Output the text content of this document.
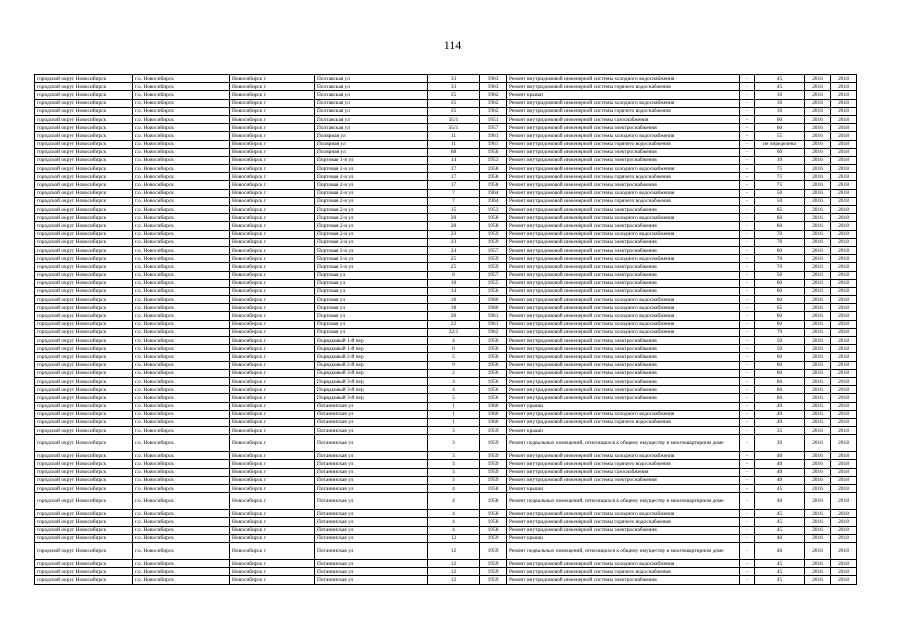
114
городской округ Новосибирск	г.о. Новосибирск	Новосибирск г	Полтавская ул	33	1963	Ремонт внутридомовой инженерной системы холодного водоснабжения	-	45	2016	2018
городской округ Новосибирск	г.о. Новосибирск	Новосибирск г	Полтавская ул	33	1963	Ремонт внутридомовой инженерной системы горячего водоснабжения	-	45	2016	2018
городской округ Новосибирск	г.о. Новосибирск	Новосибирск г	Полтавская ул	35	1962	Ремонт крыши	-	10	2016	2018
городской округ Новосибирск	г.о. Новосибирск	Новосибирск г	Полтавская ул	35	1962	Ремонт внутридомовой инженерной системы холодного водоснабжения	-	10	2016	2018
городской округ Новосибирск	г.о. Новосибирск	Новосибирск г	Полтавская ул	35	1962	Ремонт внутридомовой инженерной системы горячего водоснабжения	-	10	2016	2018
городской округ Новосибирск	г.о. Новосибирск	Новосибирск г	Полтавская ул	35/1	1951	Ремонт внутридомовой инженерной системы газоснабжения	-	60	2016	2018
городской округ Новосибирск	г.о. Новосибирск	Новосибирск г	Полтавская ул	35/1	1957	Ремонт внутридомовой инженерной системы электроснабжения	-	60	2016	2018
городской округ Новосибирск	г.о. Новосибирск	Новосибирск г	Полярная ул	11	1961	Ремонт внутридомовой инженерной системы холодного водоснабжения	-	55	2016	2018
городской округ Новосибирск	г.о. Новосибирск	Новосибирск г	Полярная ул	11	1961	Ремонт внутридомовой инженерной системы горячего водоснабжения	-	не определена	2016	2018
городской округ Новосибирск	г.о. Новосибирск	Новосибирск г	Полярная ул	68	1956	Ремонт внутридомовой инженерной системы электроснабжения	-	60	2016	2018
городской округ Новосибирск	г.о. Новосибирск	Новосибирск г	Портовая 1-я ул	14	1953	Ремонт внутридомовой инженерной системы электроснабжения	-	10	2016	2018
городской округ Новосибирск	г.о. Новосибирск	Новосибирск г	Портовая 2-я ул	17	1958	Ремонт внутридомовой инженерной системы холодного водоснабжения	-	75	2016	2018
городской округ Новосибирск	г.о. Новосибирск	Новосибирск г	Портовая 2-я ул	17	1958	Ремонт внутридомовой инженерной системы горячего водоснабжения	-	75	2016	2018
городской округ Новосибирск	г.о. Новосибирск	Новосибирск г	Портовая 2-я ул	17	1958	Ремонт внутридомовой инженерной системы электроснабжения	-	75	2016	2018
городской округ Новосибирск	г.о. Новосибирск	Новосибирск г	Портовая 2-я ул	7	1964	Ремонт внутридомовой инженерной системы холодного водоснабжения	-	50	2016	2018
городской округ Новосибирск	г.о. Новосибирск	Новосибирск г	Портовая 2-я ул	7	1964	Ремонт внутридомовой инженерной системы горячего водоснабжения	-	50	2016	2018
городской округ Новосибирск	г.о. Новосибирск	Новосибирск г	Портовая 2-я ул	15	1953	Ремонт внутридомовой инженерной системы электроснабжения	-	65	2016	2018
городской округ Новосибирск	г.о. Новосибирск	Новосибирск г	Портовая 2-я ул	20	1958	Ремонт внутридомовой инженерной системы холодного водоснабжения	-	60	2016	2018
городской округ Новосибирск	г.о. Новосибирск	Новосибирск г	Портовая 2-я ул	20	1958	Ремонт внутридомовой инженерной системы электроснабжения	-	60	2016	2018
городской округ Новосибирск	г.о. Новосибирск	Новосибирск г	Портовая 2-я ул	23	1959	Ремонт внутридомовой инженерной системы холодного водоснабжения	-	70	2016	2018
городской округ Новосибирск	г.о. Новосибирск	Новосибирск г	Портовая 2-я ул	23	1959	Ремонт внутридомовой инженерной системы электроснабжения	-	70	2016	2018
городской округ Новосибирск	г.о. Новосибирск	Новосибирск г	Портовая 2-я ул	24	1957	Ремонт внутридомовой инженерной системы электроснабжения	-	60	2016	2018
городской округ Новосибирск	г.о. Новосибирск	Новосибирск г	Портовая 2-я ул	25	1959	Ремонт внутридомовой инженерной системы холодного водоснабжения	-	70	2016	2018
городской округ Новосибирск	г.о. Новосибирск	Новосибирск г	Портовая 2-я ул	25	1959	Ремонт внутридомовой инженерной системы электроснабжения	-	70	2016	2018
городской округ Новосибирск	г.о. Новосибирск	Новосибирск г	Портовая ул	8	1957	Ремонт внутридомовой инженерной системы электроснабжения	-	50	2016	2018
городской округ Новосибирск	г.о. Новосибирск	Новосибирск г	Портовая ул	10	1955	Ремонт внутридомовой инженерной системы электроснабжения	-	60	2016	2018
городской округ Новосибирск	г.о. Новосибирск	Новосибирск г	Портовая ул	14	1956	Ремонт внутридомовой инженерной системы электроснабжения	-	60	2016	2018
городской округ Новосибирск	г.о. Новосибирск	Новосибирск г	Портовая ул	16	1960	Ремонт внутридомовой инженерной системы холодного водоснабжения	-	60	2016	2018
городской округ Новосибирск	г.о. Новосибирск	Новосибирск г	Портовая ул	18	1960	Ремонт внутридомовой инженерной системы холодного водоснабжения	-	65	2016	2018
городской округ Новосибирск	г.о. Новосибирск	Новосибирск г	Портовая ул	20	1961	Ремонт внутридомовой инженерной системы холодного водоснабжения	-	60	2016	2018
городской округ Новосибирск	г.о. Новосибирск	Новосибирск г	Портовая ул	22	1961	Ремонт внутридомовой инженерной системы холодного водоснабжения	-	60	2016	2018
городской округ Новосибирск	г.о. Новосибирск	Новосибирск г	Портовая ул	22/1	1962	Ремонт внутридомовой инженерной системы холодного водоснабжения	-	70	2016	2018
городской округ Новосибирск	г.о. Новосибирск	Новосибирск г	Порядковый 1-й пер	4	1956	Ремонт внутридомовой инженерной системы электроснабжения	-	50	2016	2018
городской округ Новосибирск	г.о. Новосибирск	Новосибирск г	Порядковый 1-й пер	6	1956	Ремонт внутридомовой инженерной системы электроснабжения	-	50	2016	2018
городской округ Новосибирск	г.о. Новосибирск	Новосибирск г	Порядковый 2-й пер	5	1956	Ремонт внутридомовой инженерной системы электроснабжения	-	60	2016	2018
городской округ Новосибирск	г.о. Новосибирск	Новосибирск г	Порядковый 2-й пер	9	1956	Ремонт внутридомовой инженерной системы электроснабжения	-	60	2016	2018
городской округ Новосибирск	г.о. Новосибирск	Новосибирск г	Порядковый 3-й пер	2	1956	Ремонт внутридомовой инженерной системы электроснабжения	-	60	2016	2018
городской округ Новосибирск	г.о. Новосибирск	Новосибирск г	Порядковый 3-й пер	3	1956	Ремонт внутридомовой инженерной системы электроснабжения	-	60	2016	2018
городской округ Новосибирск	г.о. Новосибирск	Новосибирск г	Порядковый 3-й пер	4	1956	Ремонт внутридомовой инженерной системы электроснабжения	-	60	2016	2018
городской округ Новосибирск	г.о. Новосибирск	Новосибирск г	Порядковый 3-й пер	5	1956	Ремонт внутридомовой инженерной системы электроснабжения	-	60	2016	2018
городской округ Новосибирск	г.о. Новосибирск	Новосибирск г	Потанинская ул	1	1960	Ремонт крыши	-	40	2016	2018
городской округ Новосибирск	г.о. Новосибирск	Новосибирск г	Потанинская ул	1	1960	Ремонт внутридомовой инженерной системы холодного водоснабжения	-	40	2016	2018
городской округ Новосибирск	г.о. Новосибирск	Новосибирск г	Потанинская ул	1	1960	Ремонт внутридомовой инженерной системы горячего водоснабжения	-	40	2016	2018
городской округ Новосибирск	г.о. Новосибирск	Новосибирск г	Потанинская ул	3	1959	Ремонт крыши	-	35	2016	2018
городской округ Новосибирск	г.о. Новосибирск	Новосибирск г	Потанинская ул	3	1959	Ремонт подвальных помещений, относящихся к общему имуществу в многоквартирном доме	-	39	2016	2018
городской округ Новосибирск	г.о. Новосибирск	Новосибирск г	Потанинская ул	3	1959	Ремонт внутридомовой инженерной системы холодного водоснабжения	-	40	2016	2018
городской округ Новосибирск	г.о. Новосибирск	Новосибирск г	Потанинская ул	3	1959	Ремонт внутридомовой инженерной системы горячего водоснабжения	-	40	2016	2018
городской округ Новосибирск	г.о. Новосибирск	Новосибирск г	Потанинская ул	3	1959	Ремонт внутридомовой инженерной системы газоснабжения	-	40	2016	2018
городской округ Новосибирск	г.о. Новосибирск	Новосибирск г	Потанинская ул	3	1959	Ремонт внутридомовой инженерной системы электроснабжения	-	40	2016	2018
городской округ Новосибирск	г.о. Новосибирск	Новосибирск г	Потанинская ул	4	1958	Ремонт крыши	-	45	2016	2018
городской округ Новосибирск	г.о. Новосибирск	Новосибирск г	Потанинская ул	4	1958	Ремонт подвальных помещений, относящихся к общему имуществу в многоквартирном доме	-	40	2016	2018
городской округ Новосибирск	г.о. Новосибирск	Новосибирск г	Потанинская ул	4	1958	Ремонт внутридомовой инженерной системы холодного водоснабжения	-	45	2016	2018
городской округ Новосибирск	г.о. Новосибирск	Новосибирск г	Потанинская ул	4	1958	Ремонт внутридомовой инженерной системы горячего водоснабжения	-	45	2016	2018
городской округ Новосибирск	г.о. Новосибирск	Новосибирск г	Потанинская ул	4	1958	Ремонт внутридомовой инженерной системы электроснабжения	-	45	2016	2018
городской округ Новосибирск	г.о. Новосибирск	Новосибирск г	Потанинская ул	12	1959	Ремонт крыши	-	40	2016	2018
городской округ Новосибирск	г.о. Новосибирск	Новосибирск г	Потанинская ул	12	1959	Ремонт подвальных помещений, относящихся к общему имуществу в многоквартирном доме	-	40	2016	2018
городской округ Новосибирск	г.о. Новосибирск	Новосибирск г	Потанинская ул	12	1959	Ремонт внутридомовой инженерной системы холодного водоснабжения	-	45	2016	2018
городской округ Новосибирск	г.о. Новосибирск	Новосибирск г	Потанинская ул	12	1959	Ремонт внутридомовой инженерной системы горячего водоснабжения	-	45	2016	2018
городской округ Новосибирск	г.о. Новосибирск	Новосибирск г	Потанинская ул	12	1959	Ремонт внутридомовой инженерной системы электроснабжения	-	45	2016	2018
